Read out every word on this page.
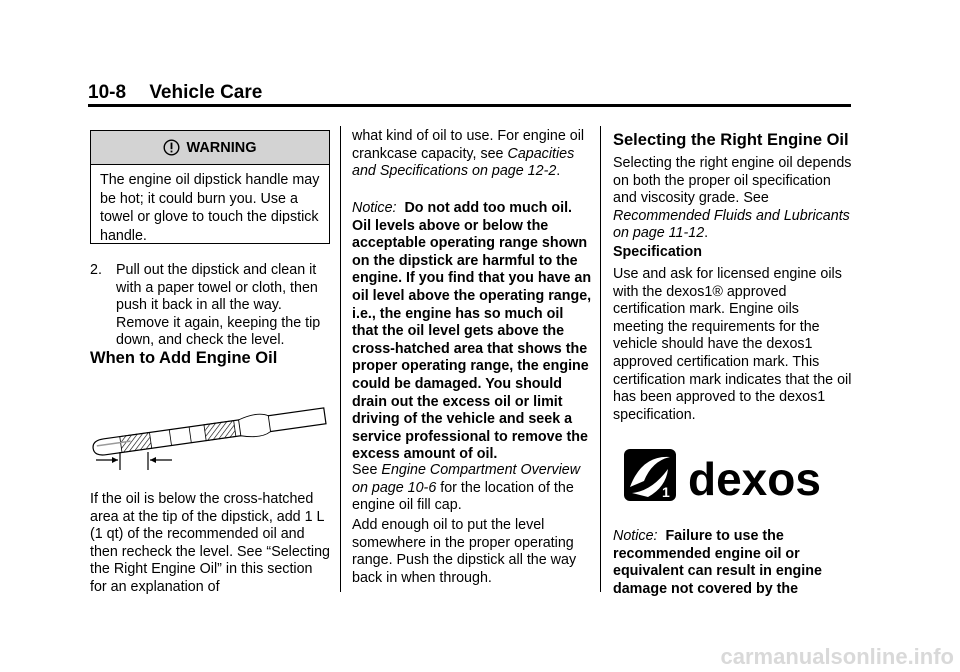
10-8 Vehicle Care
WARNING

The engine oil dipstick handle may be hot; it could burn you. Use a towel or glove to touch the dipstick handle.

2. Pull out the dipstick and clean it with a paper towel or cloth, then push it back in all the way. Remove it again, keeping the tip down, and check the level.

When to Add Engine Oil

If the oil is below the cross-hatched area at the tip of the dipstick, add 1 L (1 qt) of the recommended oil and then recheck the level. See “Selecting the Right Engine Oil” in this section for an explanation of

what kind of oil to use. For engine oil crankcase capacity, see Capacities and Specifications on page 12-2.

Notice: Do not add too much oil. Oil levels above or below the acceptable operating range shown on the dipstick are harmful to the engine. If you find that you have an oil level above the operating range, i.e., the engine has so much oil that the oil level gets above the cross-hatched area that shows the proper operating range, the engine could be damaged. You should drain out the excess oil or limit driving of the vehicle and seek a service professional to remove the excess amount of oil.

See Engine Compartment Overview on page 10-6 for the location of the engine oil fill cap.

Add enough oil to put the level somewhere in the proper operating range. Push the dipstick all the way back in when through.

Selecting the Right Engine Oil

Selecting the right engine oil depends on both the proper oil specification and viscosity grade. See Recommended Fluids and Lubricants on page 11-12.

Specification

Use and ask for licensed engine oils with the dexos1® approved certification mark. Engine oils meeting the requirements for the vehicle should have the dexos1 approved certification mark. This certification mark indicates that the oil has been approved to the dexos1 specification.

1 dexos

Notice: Failure to use the recommended engine oil or equivalent can result in engine damage not covered by the

carmanualsonline.info
